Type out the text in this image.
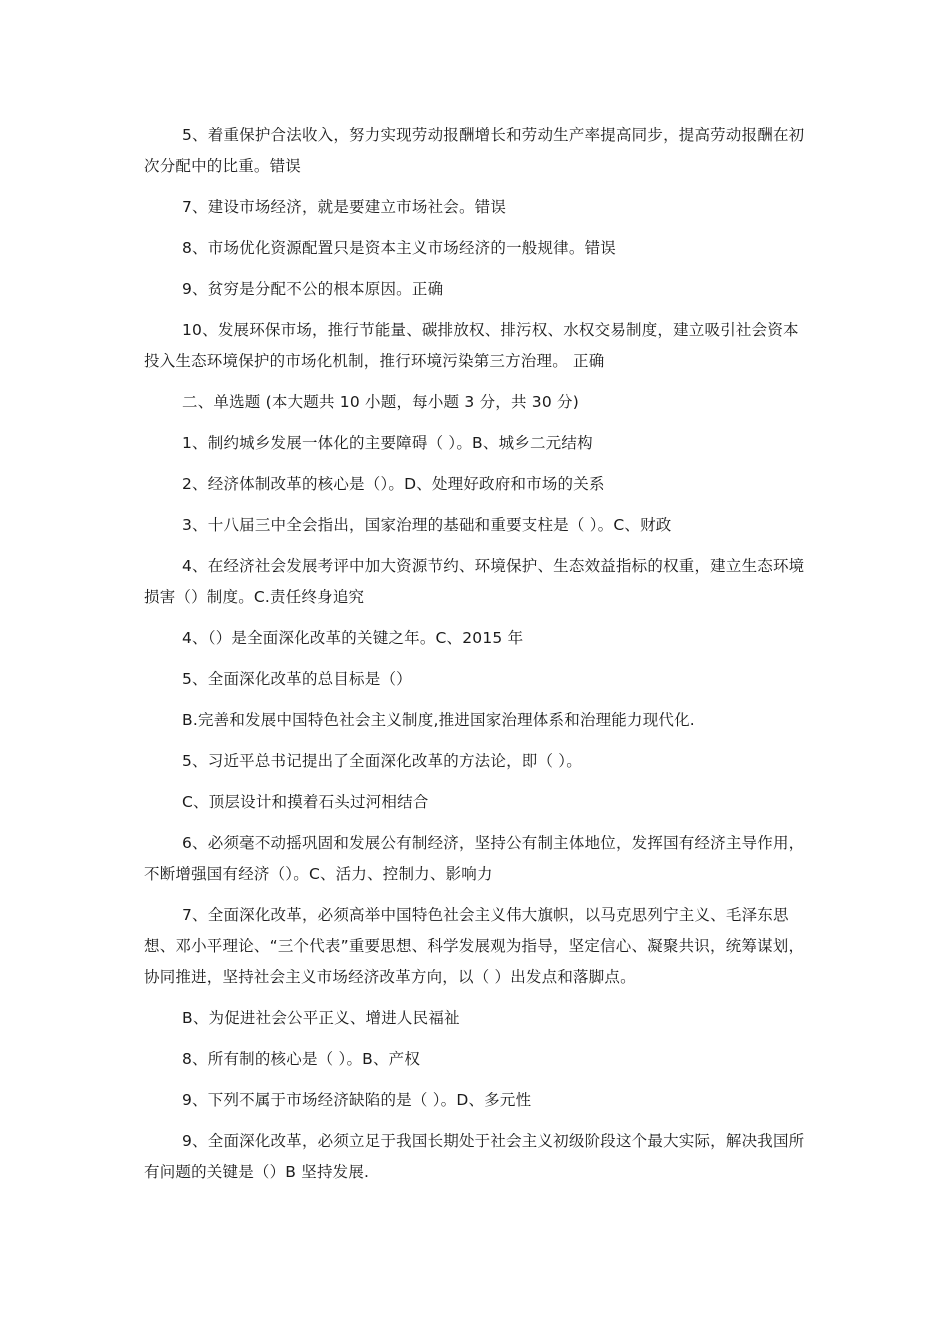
5、着重保护合法收入，努力实现劳动报酬增长和劳动生产率提高同步，提高劳动报酬在初次分配中的比重。错误

7、建设市场经济，就是要建立市场社会。错误

8、市场优化资源配置只是资本主义市场经济的一般规律。错误

9、贫穷是分配不公的根本原因。正确

10、发展环保市场，推行节能量、碳排放权、排污权、水权交易制度，建立吸引社会资本投入生态环境保护的市场化机制，推行环境污染第三方治理。 正确

二、单选题 (本大题共 10 小题，每小题 3 分，共 30 分)

1、制约城乡发展一体化的主要障碍（ ）。B、城乡二元结构

2、经济体制改革的核心是（）。D、处理好政府和市场的关系

3、十八届三中全会指出，国家治理的基础和重要支柱是（ ）。C、财政

4、在经济社会发展考评中加大资源节约、环境保护、生态效益指标的权重，建立生态环境损害（）制度。C.责任终身追究

4、（）是全面深化改革的关键之年。C、2015 年

5、全面深化改革的总目标是（）

B.完善和发展中国特色社会主义制度,推进国家治理体系和治理能力现代化.

5、习近平总书记提出了全面深化改革的方法论，即（ ）。

C、顶层设计和摸着石头过河相结合

6、必须毫不动摇巩固和发展公有制经济，坚持公有制主体地位，发挥国有经济主导作用，不断增强国有经济（）。C、活力、控制力、影响力

7、全面深化改革，必须高举中国特色社会主义伟大旗帜，以马克思列宁主义、毛泽东思想、邓小平理论、“三个代表”重要思想、科学发展观为指导，坚定信心、凝聚共识，统筹谋划，协同推进，坚持社会主义市场经济改革方向，以（ ）出发点和落脚点。

B、为促进社会公平正义、增进人民福祉

8、所有制的核心是（ ）。B、产权

9、下列不属于市场经济缺陷的是（ ）。D、多元性

9、全面深化改革，必须立足于我国长期处于社会主义初级阶段这个最大实际，解决我国所有问题的关键是（）B 坚持发展.
